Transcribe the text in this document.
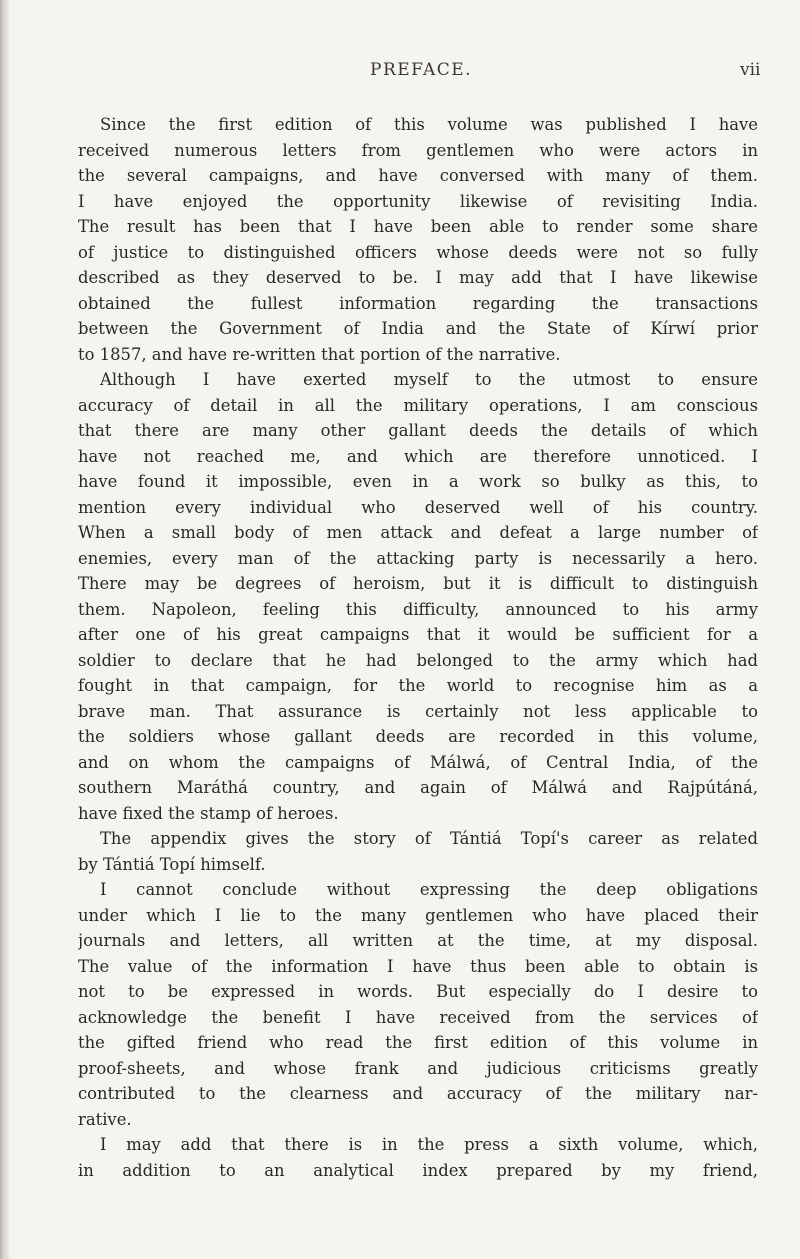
PREFACE.	vii
Since the first edition of this volume was published I have
received numerous letters from gentlemen who were actors in
the several campaigns, and have conversed with many of them.
I have enjoyed the opportunity likewise of revisiting India.
The result has been that I have been able to render some share
of justice to distinguished officers whose deeds were not so fully
described as they deserved to be. I may add that I have likewise
obtained the fullest information regarding the transactions
between the Government of India and the State of Kírwí prior
to 1857, and have re-written that portion of the narrative.
Although I have exerted myself to the utmost to ensure
accuracy of detail in all the military operations, I am conscious
that there are many other gallant deeds the details of which
have not reached me, and which are therefore unnoticed. I
have found it impossible, even in a work so bulky as this, to
mention every individual who deserved well of his country.
When a small body of men attack and defeat a large number of
enemies, every man of the attacking party is necessarily a hero.
There may be degrees of heroism, but it is difficult to distinguish
them. Napoleon, feeling this difficulty, announced to his army
after one of his great campaigns that it would be sufficient for a
soldier to declare that he had belonged to the army which had
fought in that campaign, for the world to recognise him as a
brave man. That assurance is certainly not less applicable to
the soldiers whose gallant deeds are recorded in this volume,
and on whom the campaigns of Málwá, of Central India, of the
southern Maráthá country, and again of Málwá and Rajpútáná,
have fixed the stamp of heroes.
The appendix gives the story of Tántiá Topí's career as related
by Tántiá Topí himself.
I cannot conclude without expressing the deep obligations
under which I lie to the many gentlemen who have placed their
journals and letters, all written at the time, at my disposal.
The value of the information I have thus been able to obtain is
not to be expressed in words. But especially do I desire to
acknowledge the benefit I have received from the services of
the gifted friend who read the first edition of this volume in
proof-sheets, and whose frank and judicious criticisms greatly
contributed to the clearness and accuracy of the military nar-
rative.
I may add that there is in the press a sixth volume, which,
in addition to an analytical index prepared by my friend,
